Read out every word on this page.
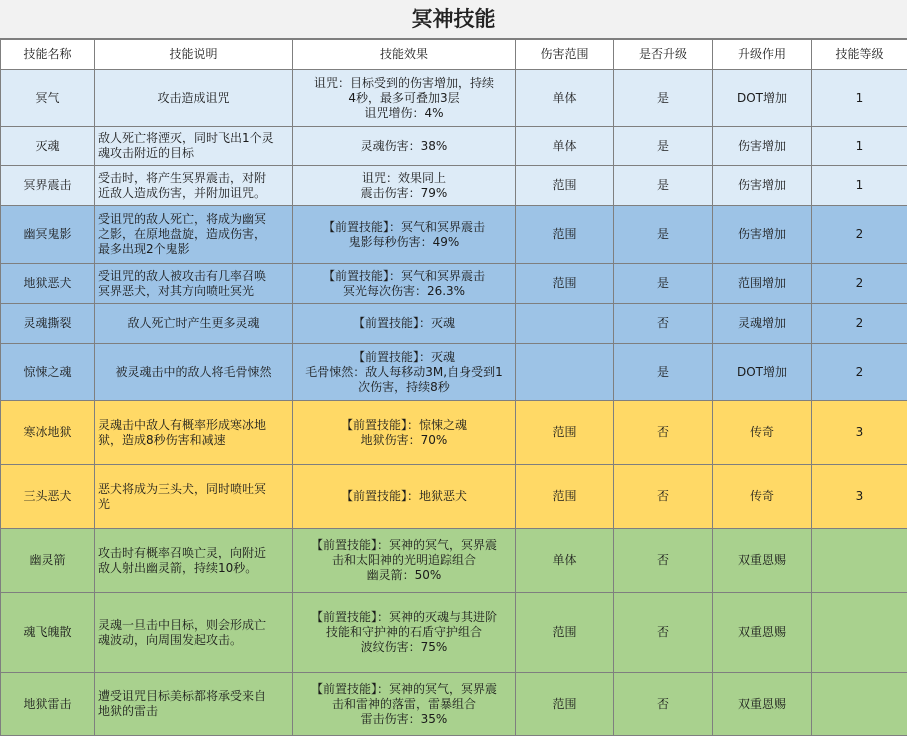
冥神技能
技能名称	技能说明	技能效果	伤害范围	是否升级	升级作用	技能等级
冥气	攻击造成诅咒	诅咒：目标受到的伤害增加，持续
4秒，最多可叠加3层
诅咒增伤：4%	单体	是	DOT增加	1
灭魂	敌人死亡将湮灭，同时飞出1个灵
魂攻击附近的目标	灵魂伤害：38%	单体	是	伤害增加	1
冥界震击	受击时，将产生冥界震击，对附
近敌人造成伤害，并附加诅咒。	诅咒：效果同上
震击伤害：79%	范围	是	伤害增加	1
幽冥鬼影	受诅咒的敌人死亡，将成为幽冥
之影，在原地盘旋，造成伤害，
最多出现2个鬼影	【前置技能】：冥气和冥界震击
鬼影每秒伤害：49%	范围	是	伤害增加	2
地狱恶犬	受诅咒的敌人被攻击有几率召唤
冥界恶犬，对其方向喷吐冥光	【前置技能】：冥气和冥界震击
冥光每次伤害：26.3%	范围	是	范围增加	2
灵魂撕裂	敌人死亡时产生更多灵魂	【前置技能】：灭魂		否	灵魂增加	2
惊悚之魂	被灵魂击中的敌人将毛骨悚然	【前置技能】：灭魂
毛骨悚然：敌人每移动3M,自身受到1
次伤害，持续8秒		是	DOT增加	2
寒冰地狱	灵魂击中敌人有概率形成寒冰地
狱，造成8秒伤害和减速	【前置技能】：惊悚之魂
地狱伤害：70%	范围	否	传奇	3
三头恶犬	恶犬将成为三头犬，同时喷吐冥
光	【前置技能】：地狱恶犬	范围	否	传奇	3
幽灵箭	攻击时有概率召唤亡灵，向附近
敌人射出幽灵箭，持续10秒。	【前置技能】：冥神的冥气，冥界震
击和太阳神的光明追踪组合
幽灵箭：50%	单体	否	双重恩赐	
魂飞魄散	灵魂一旦击中目标，则会形成亡
魂波动，向周围发起攻击。	【前置技能】：冥神的灭魂与其进阶
技能和守护神的石盾守护组合
波纹伤害：75%	范围	否	双重恩赐	
地狱雷击	遭受诅咒目标美标都将承受来自
地狱的雷击	【前置技能】：冥神的冥气，冥界震
击和雷神的落雷，雷暴组合
雷击伤害：35%	范围	否	双重恩赐	
